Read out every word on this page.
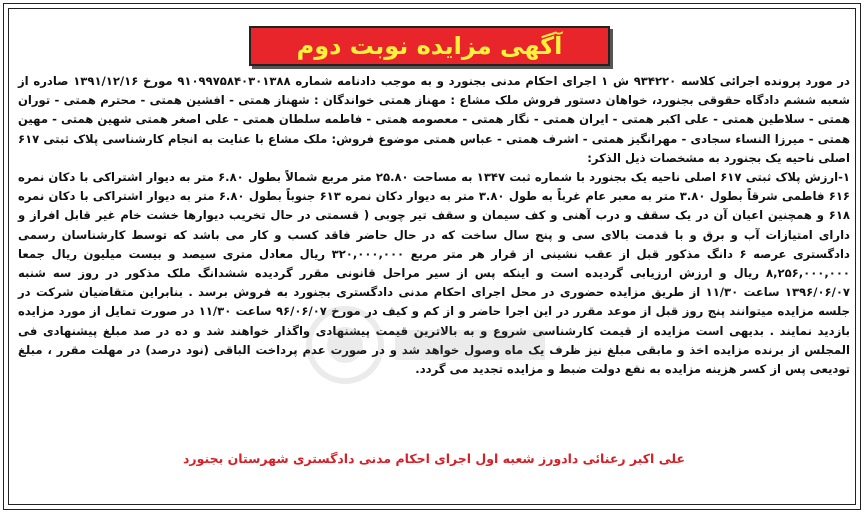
آگهی مزایده نوبت دوم

در مورد پرونده اجرائی کلاسه ۹۳۴۲۲۰ ش ۱ اجرای احکام مدنی بجنورد و به موجب دادنامه شماره ۹۱۰۹۹۷۵۸۴۰۳۰۱۳۸۸ مورخ ۱۳۹۱/۱۲/۱۶ صادره از شعبه ششم دادگاه حقوقی بجنورد، خواهان دستور فروش ملک مشاع : مهناز همتی خواندگان : شهناز همتی - افشین همتی - محترم همتی - توران همتی - سلاطین همتی - علی اکبر همتی - ایران همتی - نگار همتی - معصومه همتی - فاطمه سلطان همتی - علی اصغر همتی شهین همتی - مهین همتی - میرزا النساء سجادی - مهرانگیز همتی - اشرف همتی - عباس همتی موضوع فروش: ملک مشاع با عنایت به انجام کارشناسی پلاک ثبتی ۶۱۷ اصلی ناحیه یک بجنورد به مشخصات ذیل الذکر:

۱-ارزش پلاک ثبتی ۶۱۷ اصلی ناحیه یک بجنورد با شماره ثبت ۱۳۴۷ به مساحت ۲۵.۸۰ متر مربع شمالاً بطول ۶.۸۰ متر به دیوار اشتراکی با دکان نمره ۶۱۶ فاطمی شرقاً بطول ۳.۸۰ متر به معبر عام غرباً به طول ۳.۸۰ متر به دیوار دکان نمره ۶۱۳ جنوباً بطول ۶.۸۰ متر به دیوار اشتراکی با دکان نمره ۶۱۸ و همچنین اعیان آن در یک سقف و درب آهنی و کف سیمان و سقف تیر چوبی ( قسمتی در حال تخریب دیوارها خشت خام غیر قابل افراز و دارای امتیازات آب و برق و با قدمت بالای سی و پنج سال ساخت که در حال حاضر فاقد کسب و کار می باشد که توسط کارشناسان رسمی دادگستری عرصه ۶ دانگ مذکور قبل از عقب نشینی از قرار هر متر مربع ۳۲۰,۰۰۰,۰۰۰ ریال معادل متری سیصد و بیست میلیون ریال جمعا ۸,۲۵۶,۰۰۰,۰۰۰ ریال و ارزش ارزیابی گردیده است و اینکه پس از سیر مراحل قانونی مقرر گردیده ششدانگ ملک مذکور در روز سه شنبه ۱۳۹۶/۰۶/۰۷ ساعت ۱۱/۳۰ از طریق مزایده حضوری در محل اجرای احکام مدنی دادگستری بجنورد به فروش برسد . بنابراین متقاضیان شرکت در جلسه مزایده میتوانند پنج روز قبل از موعد مقرر در این اجرا حاضر و از کم و کیف در مورخ ۹۶/۰۶/۰۷ ساعت ۱۱/۳۰ در صورت تمایل از مورد مزایده بازدید نمایند . بدیهی است مزایده از قیمت کارشناسی شروع و به بالاترین قیمت پیشنهادی واگذار خواهند شد و ده در صد مبلغ پیشنهادی فی المجلس از برنده مزایده اخذ و مابقی مبلغ نیز ظرف یک ماه وصول خواهد شد و در صورت عدم پرداخت الباقی (نود درصد) در مهلت مقرر ، مبلغ تودیعی پس از کسر هزینه مزایده به نفع دولت ضبط و مزایده تجدید می گردد.

علی اکبر رعنائی دادورز شعبه اول اجرای احکام مدنی دادگستری شهرستان بجنورد
